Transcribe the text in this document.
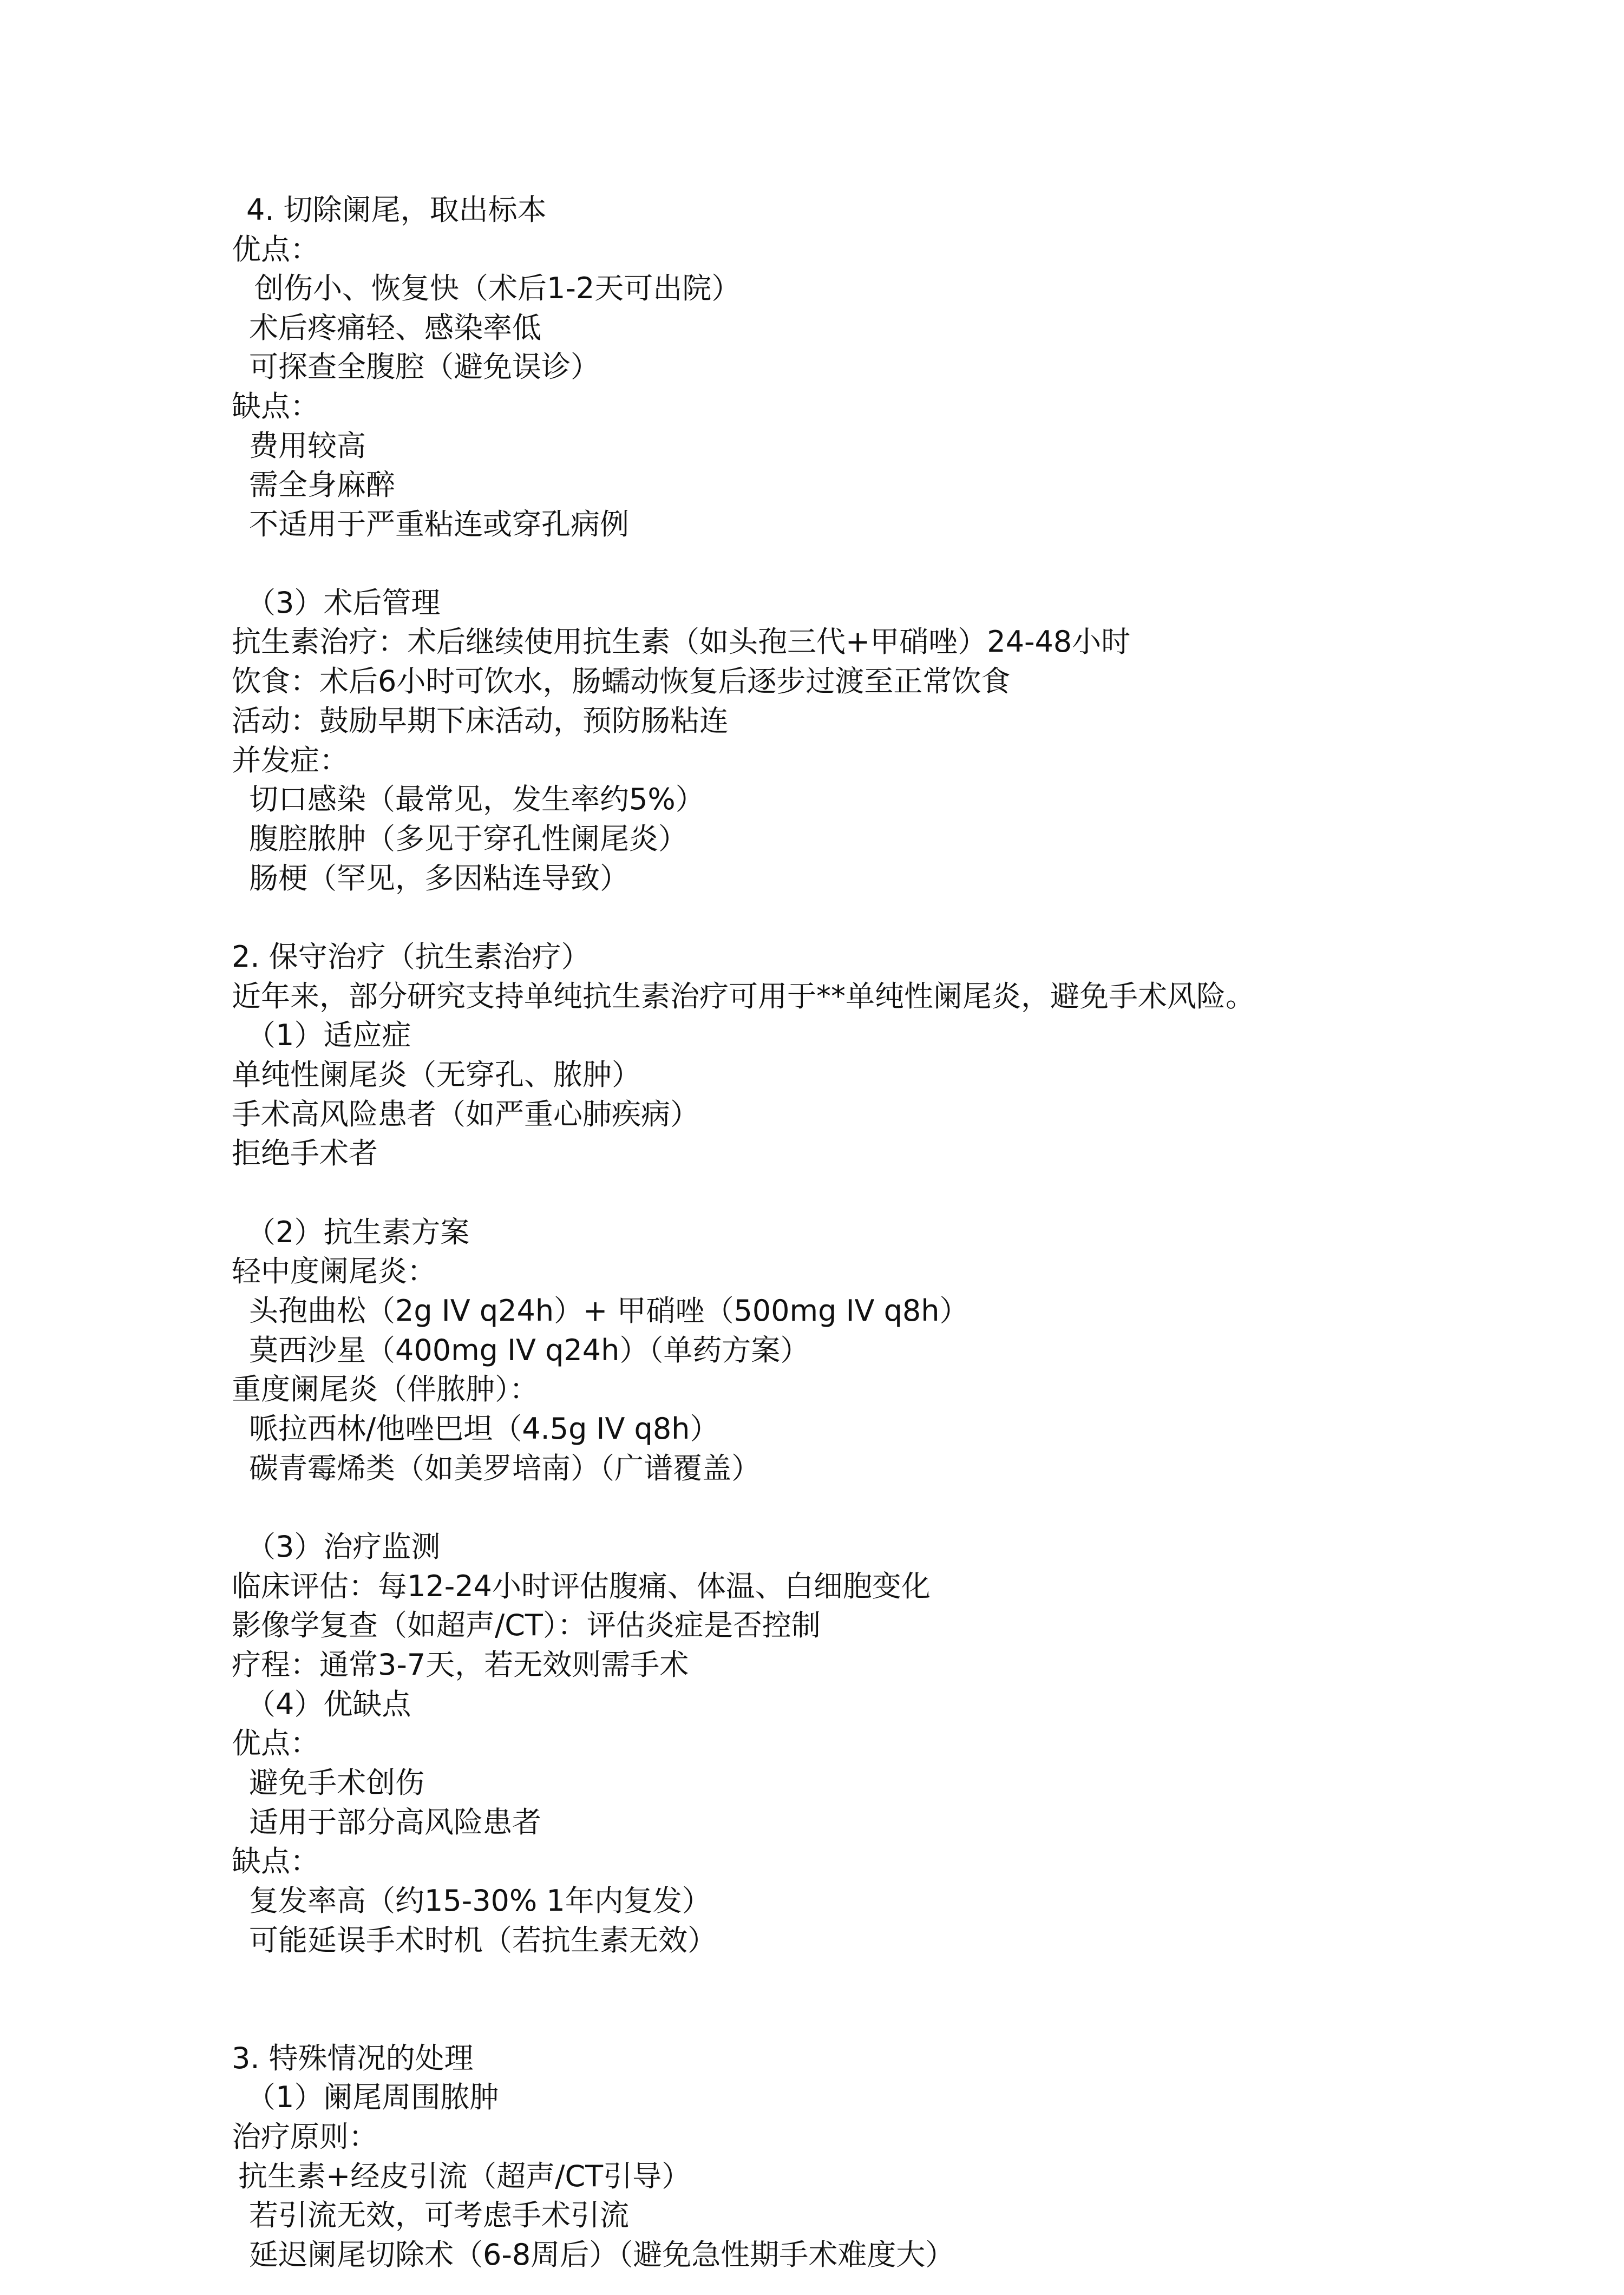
4. 切除阑尾，取出标本
优点：
创伤小、恢复快（术后1-2天可出院）
术后疼痛轻、感染率低
可探查全腹腔（避免误诊）
缺点：
费用较高
需全身麻醉
不适用于严重粘连或穿孔病例
（3）术后管理
抗生素治疗：术后继续使用抗生素（如头孢三代+甲硝唑）24-48小时
饮食：术后6小时可饮水，肠蠕动恢复后逐步过渡至正常饮食
活动：鼓励早期下床活动，预防肠粘连
并发症：
切口感染（最常见，发生率约5%）
腹腔脓肿（多见于穿孔性阑尾炎）
肠梗（罕见，多因粘连导致）
2. 保守治疗（抗生素治疗）
近年来，部分研究支持单纯抗生素治疗可用于**单纯性阑尾炎，避免手术风险。
（1）适应症
单纯性阑尾炎（无穿孔、脓肿）
手术高风险患者（如严重心肺疾病）
拒绝手术者
（2）抗生素方案
轻中度阑尾炎：
头孢曲松（2g IV q24h）+ 甲硝唑（500mg IV q8h）
莫西沙星（400mg IV q24h）（单药方案）
重度阑尾炎（伴脓肿）：
哌拉西林/他唑巴坦（4.5g IV q8h）
碳青霉烯类（如美罗培南）（广谱覆盖）
（3）治疗监测
临床评估：每12-24小时评估腹痛、体温、白细胞变化
影像学复查（如超声/CT）：评估炎症是否控制
疗程：通常3-7天，若无效则需手术
（4）优缺点
优点：
避免手术创伤
适用于部分高风险患者
缺点：
复发率高（约15-30% 1年内复发）
可能延误手术时机（若抗生素无效）
3. 特殊情况的处理
（1）阑尾周围脓肿
治疗原则：
抗生素+经皮引流（超声/CT引导）
若引流无效，可考虑手术引流
延迟阑尾切除术（6-8周后）（避免急性期手术难度大）
